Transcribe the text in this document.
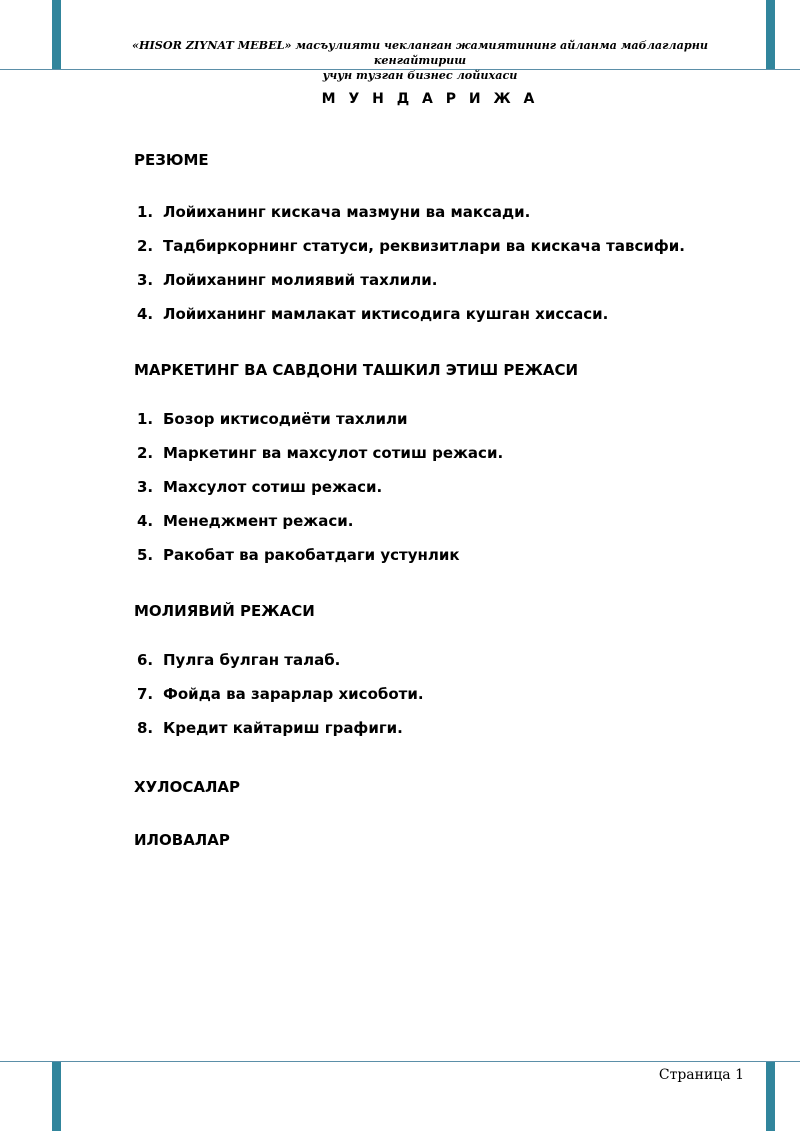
«HISOR ZIYNAT MEBEL» масъулияти чекланган жамиятининг айланма маблагларни кенгайтириш
учун тузган бизнес лойихаси
М У Н Д А Р И Ж А
РЕЗЮМЕ
1. Лойиханинг кискача мазмуни ва максади.
2. Тадбиркорнинг статуси, реквизитлари ва кискача тавсифи.
3. Лойиханинг молиявий тахлили.
4. Лойиханинг мамлакат иктисодига кушган хиссаси.
МАРКЕТИНГ ВА САВДОНИ ТАШКИЛ ЭТИШ РЕЖАСИ
1. Бозор иктисодиёти тахлили
2. Маркетинг ва махсулот сотиш режаси.
3. Махсулот сотиш режаси.
4. Менеджмент режаси.
5. Ракобат ва ракобатдаги устунлик
МОЛИЯВИЙ РЕЖАСИ
6. Пулга булган талаб.
7. Фойда ва зарарлар хисоботи.
8. Кредит кайтариш графиги.
ХУЛОСАЛАР
ИЛОВАЛАР
Страница 1
